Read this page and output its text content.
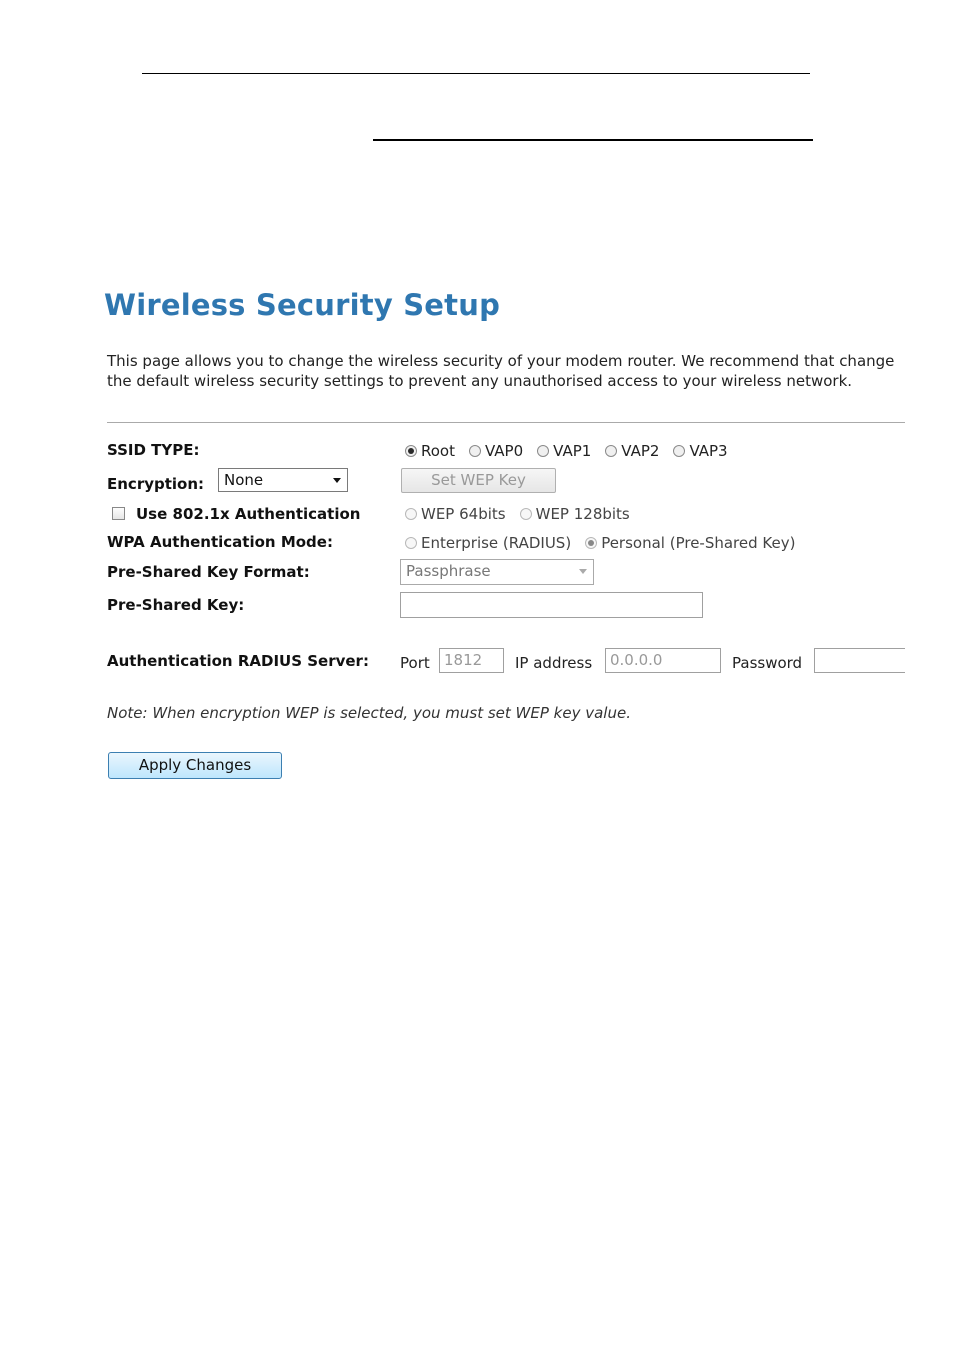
Wireless Security Setup
This page allows you to change the wireless security of your modem router. We recommend that change the default wireless security settings to prevent any unauthorised access to your wireless network.
SSID TYPE:	Root VAP0 VAP1 VAP2 VAP3
Encryption:	None	Set WEP Key
Use 802.1x Authentication	WEP 64bits WEP 128bits
WPA Authentication Mode:	Enterprise (RADIUS) Personal (Pre-Shared Key)
Pre-Shared Key Format:	Passphrase
Pre-Shared Key:
Authentication RADIUS Server: Port 1812	IP address	0.0.0.0	Password
Note: When encryption WEP is selected, you must set WEP key value.
Apply Changes
